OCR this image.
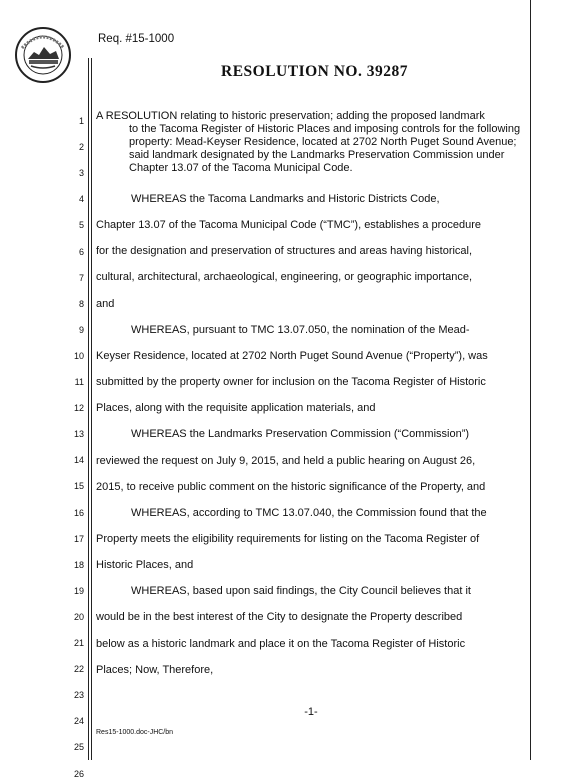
Req. #15-1000
RESOLUTION NO. 39287
1
2
3
4
5
6
7
8
9
10
11
12
13
14
15
16
17
18
19
20
21
22
23
24
25
26
A RESOLUTION relating to historic preservation; adding the proposed landmark
to the Tacoma Register of Historic Places and imposing controls for the following property: Mead-Keyser Residence, located at 2702 North Puget Sound Avenue; said landmark designated by the Landmarks Preservation Commission under Chapter 13.07 of the Tacoma Municipal Code.
WHEREAS the Tacoma Landmarks and Historic Districts Code,
Chapter 13.07 of the Tacoma Municipal Code (“TMC”), establishes a procedure
for the designation and preservation of structures and areas having historical,
cultural, architectural, archaeological, engineering, or geographic importance,
and
WHEREAS, pursuant to TMC 13.07.050, the nomination of the Mead-
Keyser Residence, located at 2702 North Puget Sound Avenue (“Property”), was
submitted by the property owner for inclusion on the Tacoma Register of Historic
Places, along with the requisite application materials, and
WHEREAS the Landmarks Preservation Commission (“Commission”)
reviewed the request on July 9, 2015, and held a public hearing on August 26,
2015, to receive public comment on the historic significance of the Property, and
WHEREAS, according to TMC 13.07.040, the Commission found that the
Property meets the eligibility requirements for listing on the Tacoma Register of
Historic Places, and
WHEREAS, based upon said findings, the City Council believes that it
would be in the best interest of the City to designate the Property described
below as a historic landmark and place it on the Tacoma Register of Historic
Places; Now, Therefore,
-1-
Res15-1000.doc-JHC/bn
